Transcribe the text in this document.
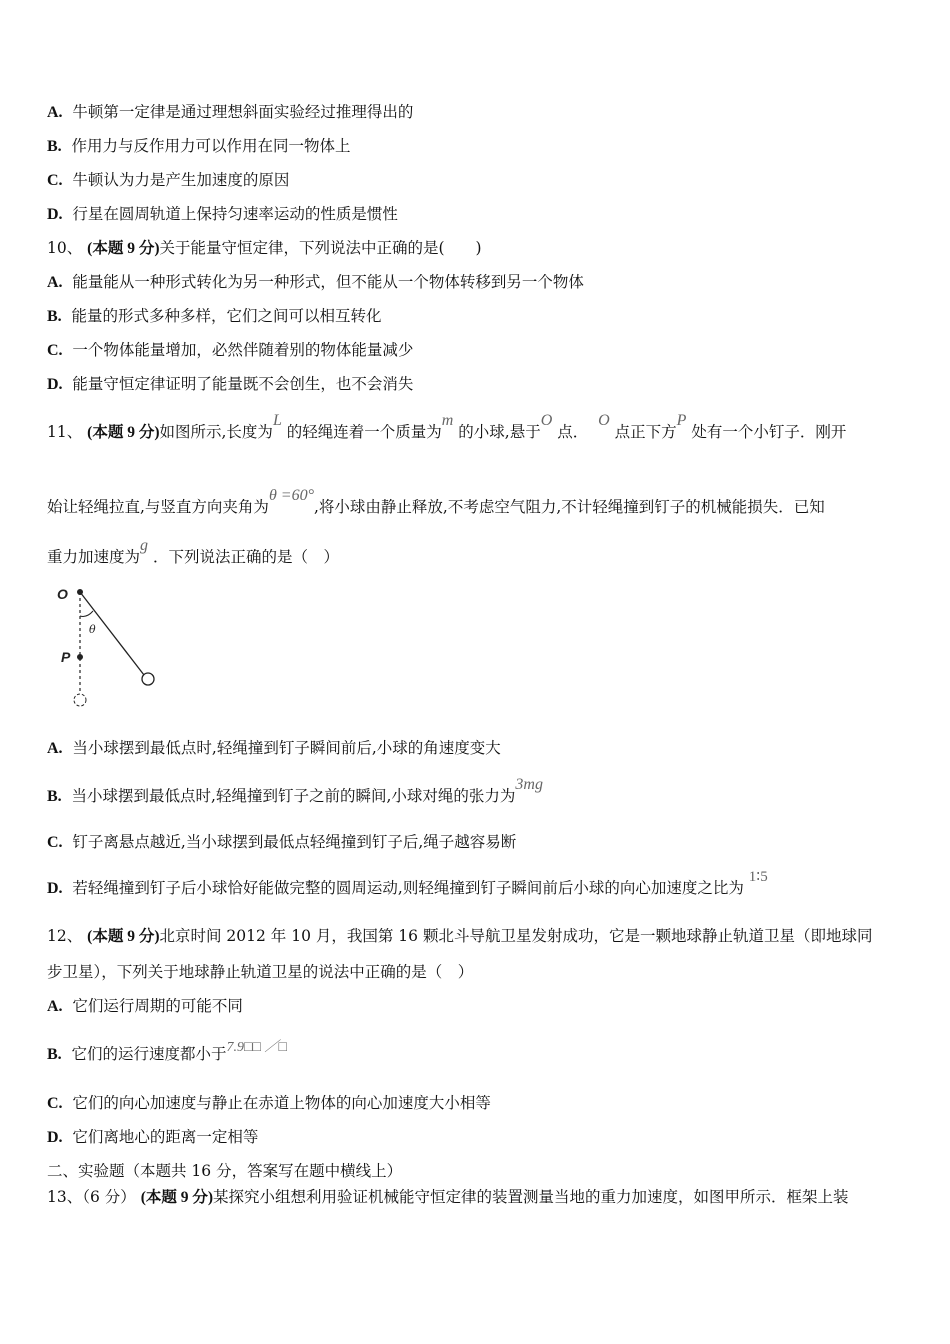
A. 牛顿第一定律是通过理想斜面实验经过推理得出的
B. 作用力与反作用力可以作用在同一物体上
C. 牛顿认为力是产生加速度的原因
D. 行星在圆周轨道上保持匀速率运动的性质是惯性
10、 (本题 9 分)关于能量守恒定律，下列说法中正确的是(　　)
A. 能量能从一种形式转化为另一种形式，但不能从一个物体转移到另一个物体
B. 能量的形式多种多样，它们之间可以相互转化
C. 一个物体能量增加，必然伴随着别的物体能量减少
D. 能量守恒定律证明了能量既不会创生，也不会消失
11、 (本题 9 分)如图所示,长度为L 的轻绳连着一个质量为m 的小球,悬于O 点．  O 点正下方P 处有一个小钉子．刚开
始让轻绳拉直,与竖直方向夹角为θ =60°,将小球由静止释放,不考虑空气阻力,不计轻绳撞到钉子的机械能损失．已知
重力加速度为g ．下列说法正确的是（　）
O
P
θ
A. 当小球摆到最低点时,轻绳撞到钉子瞬间前后,小球的角速度变大
B. 当小球摆到最低点时,轻绳撞到钉子之前的瞬间,小球对绳的张力为3mg
C. 钉子离悬点越近,当小球摆到最低点轻绳撞到钉子后,绳子越容易断
D. 若轻绳撞到钉子后小球恰好能做完整的圆周运动,则轻绳撞到钉子瞬间前后小球的向心加速度之比为 1∶5
12、 (本题 9 分)北京时间 2012 年 10 月，我国第 16 颗北斗导航卫星发射成功，它是一颗地球静止轨道卫星（即地球同
步卫星），下列关于地球静止轨道卫星的说法中正确的是（　）
A. 它们运行周期的可能不同
B. 它们的运行速度都小于7.9□□ ／□
C. 它们的向心加速度与静止在赤道上物体的向心加速度大小相等
D. 它们离地心的距离一定相等
二、实验题（本题共 16 分，答案写在题中横线上）
13、（6 分） (本题 9 分)某探究小组想利用验证机械能守恒定律的装置测量当地的重力加速度，如图甲所示．框架上装
